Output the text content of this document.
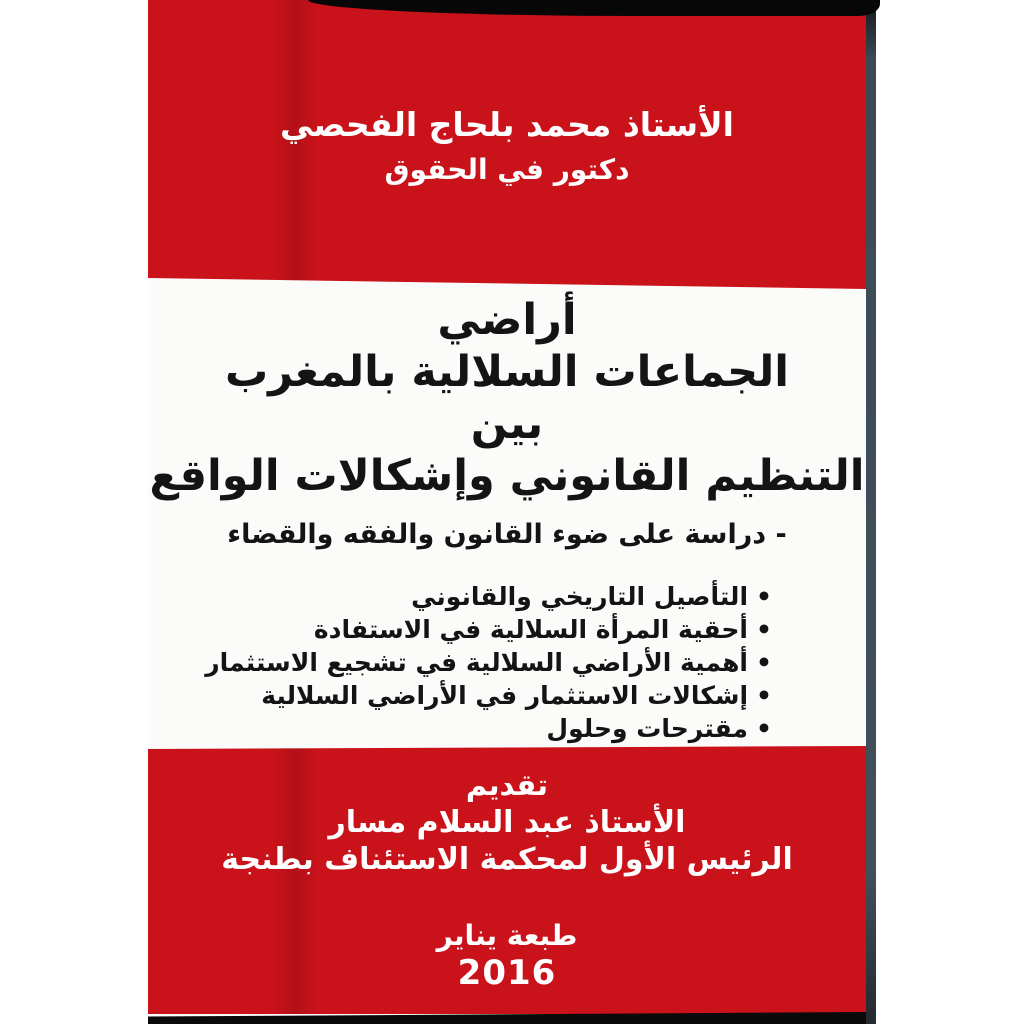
الأستاذ محمد بلحاج الفحصي
دكتور في الحقوق
أراضي
الجماعات السلالية بالمغرب
بين
التنظيم القانوني وإشكالات الواقع
- دراسة على ضوء القانون والفقه والقضاء
•التأصيل التاريخي والقانوني
•أحقية المرأة السلالية في الاستفادة
•أهمية الأراضي السلالية في تشجيع الاستثمار
•إشكالات الاستثمار في الأراضي السلالية
•مقترحات وحلول
تقديم
الأستاذ عبد السلام مسار
الرئيس الأول لمحكمة الاستئناف بطنجة
طبعة يناير
2016
